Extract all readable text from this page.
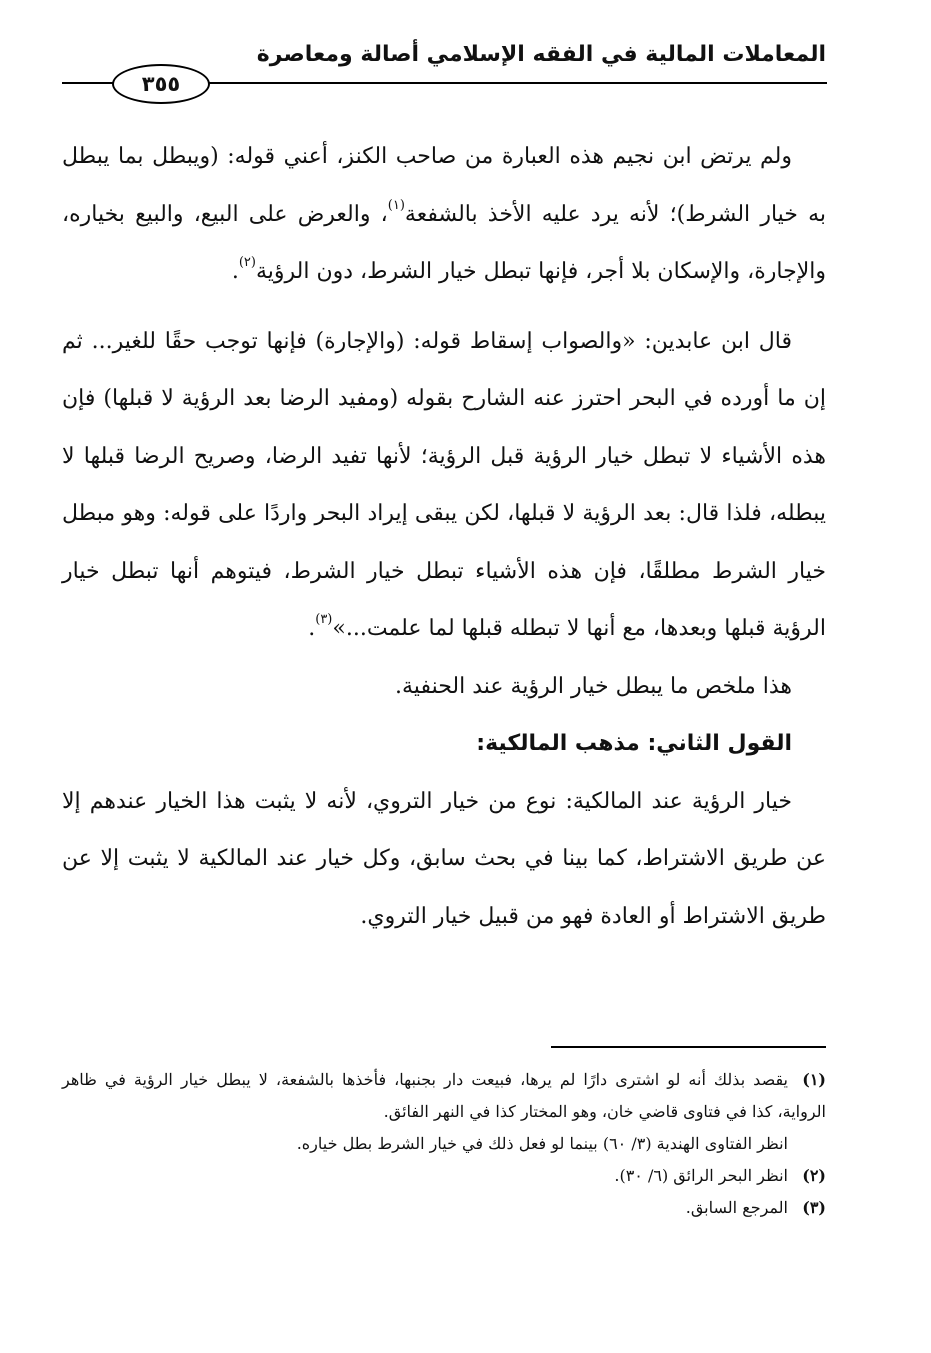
المعاملات المالية في الفقه الإسلامي أصالة ومعاصرة
٣٥٥

ولم يرتض ابن نجيم هذه العبارة من صاحب الكنز، أعني قوله: (ويبطل بما يبطل به خيار الشرط)؛ لأنه يرد عليه الأخذ بالشفعة$^{(١)}$، والعرض على البيع، والبيع بخياره، والإجارة، والإسكان بلا أجر، فإنها تبطل خيار الشرط، دون الرؤية$^{(٢)}$.

قال ابن عابدين: «والصواب إسقاط قوله: (والإجارة) فإنها توجب حقًا للغير... ثم إن ما أورده في البحر احترز عنه الشارح بقوله (ومفيد الرضا بعد الرؤية لا قبلها) فإن هذه الأشياء لا تبطل خيار الرؤية قبل الرؤية؛ لأنها تفيد الرضا، وصريح الرضا قبلها لا يبطله، فلذا قال: بعد الرؤية لا قبلها، لكن يبقى إيراد البحر واردًا على قوله: وهو مبطل خيار الشرط مطلقًا، فإن هذه الأشياء تبطل خيار الشرط، فيتوهم أنها تبطل خيار الرؤية قبلها وبعدها، مع أنها لا تبطله قبلها لما علمت...»$^{(٣)}$.

هذا ملخص ما يبطل خيار الرؤية عند الحنفية.

القول الثاني: مذهب المالكية:

خيار الرؤية عند المالكية: نوع من خيار التروي، لأنه لا يثبت هذا الخيار عندهم إلا عن طريق الاشتراط، كما بينا في بحث سابق، وكل خيار عند المالكية لا يثبت إلا عن طريق الاشتراط أو العادة فهو من قبيل خيار التروي.

(١)يقصد بذلك أنه لو اشترى دارًا لم يرها، فبيعت دار بجنبها، فأخذها بالشفعة، لا يبطل خيار الرؤية في ظاهر الرواية، كذا في فتاوى قاضي خان، وهو المختار كذا في النهر الفائق.

انظر الفتاوى الهندية (٣/ ٦٠) بينما لو فعل ذلك في خيار الشرط بطل خياره.

(٢)انظر البحر الرائق (٦/ ٣٠).

(٣)المرجع السابق.
